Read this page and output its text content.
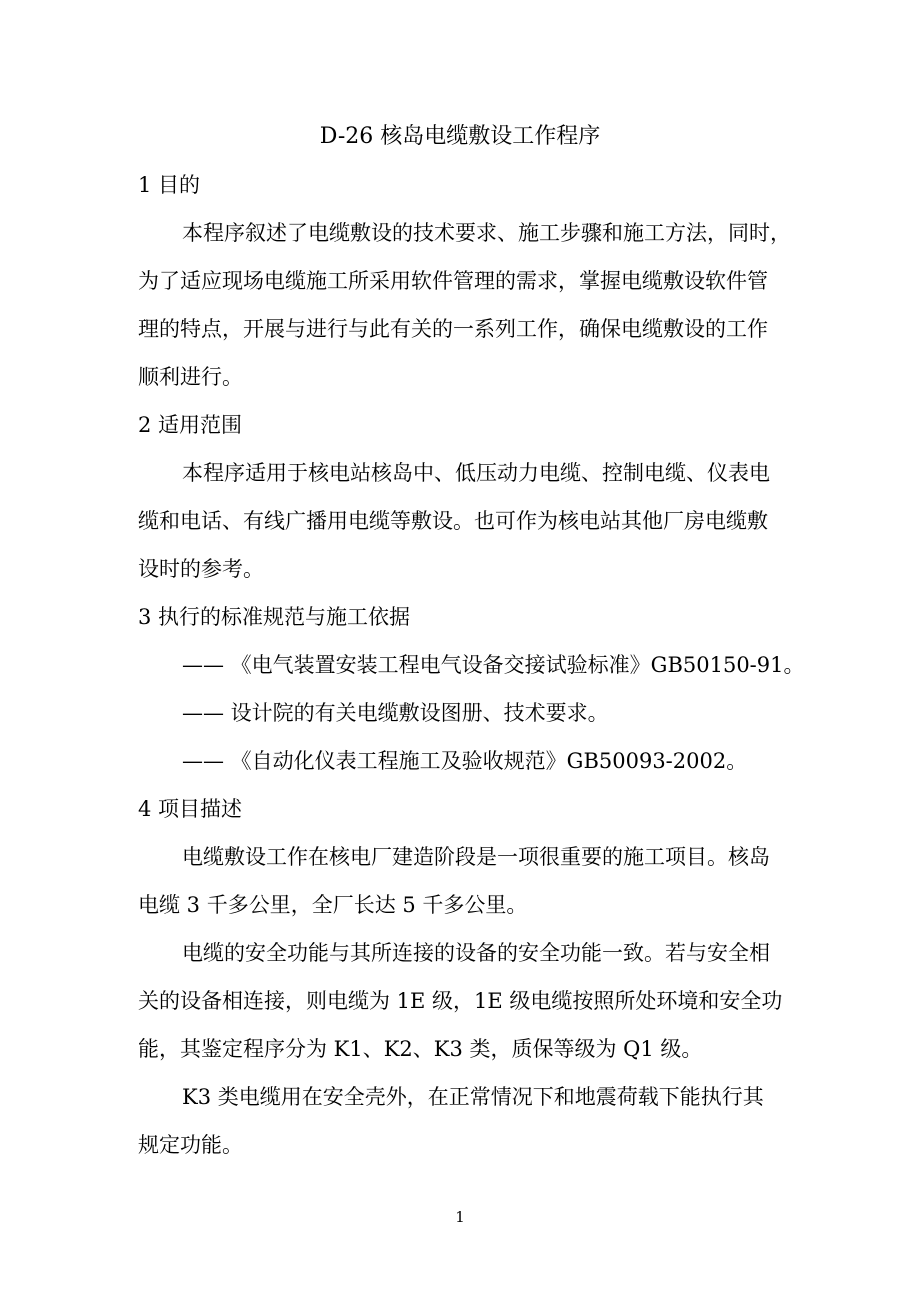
D-26 核岛电缆敷设工作程序
1 目的
本程序叙述了电缆敷设的技术要求、施工步骤和施工方法，同时，
为了适应现场电缆施工所采用软件管理的需求，掌握电缆敷设软件管
理的特点，开展与进行与此有关的一系列工作，确保电缆敷设的工作
顺利进行。
2 适用范围
本程序适用于核电站核岛中、低压动力电缆、控制电缆、仪表电
缆和电话、有线广播用电缆等敷设。也可作为核电站其他厂房电缆敷
设时的参考。
3 执行的标准规范与施工依据
—— 《电气装置安装工程电气设备交接试验标准》GB50150-91。
—— 设计院的有关电缆敷设图册、技术要求。
—— 《自动化仪表工程施工及验收规范》GB50093-2002。
4 项目描述
电缆敷设工作在核电厂建造阶段是一项很重要的施工项目。核岛
电缆 3 千多公里，全厂长达 5 千多公里。
电缆的安全功能与其所连接的设备的安全功能一致。若与安全相
关的设备相连接，则电缆为 1E 级，1E 级电缆按照所处环境和安全功
能，其鉴定程序分为 K1、K2、K3 类，质保等级为 Q1 级。
K3 类电缆用在安全壳外，在正常情况下和地震荷载下能执行其
规定功能。
1
